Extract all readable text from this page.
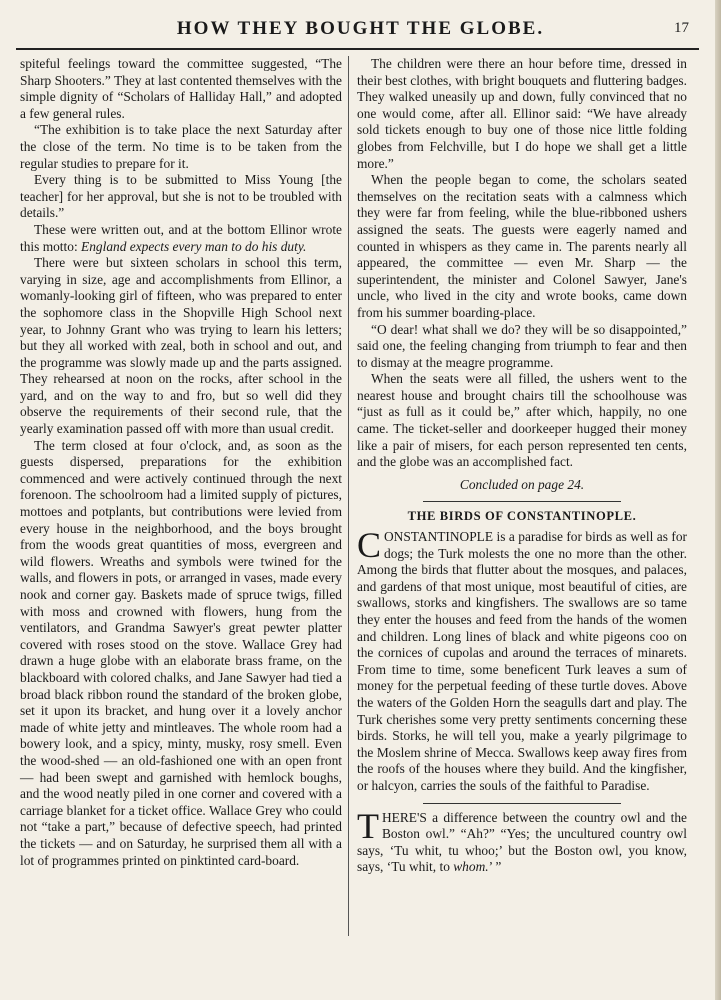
HOW THEY BOUGHT THE GLOBE.	17

spiteful feelings toward the committee suggested, “The Sharp Shooters.” They at last contented themselves with the simple dignity of “Scholars of Halliday Hall,” and adopted a few general rules.

“The exhibition is to take place the next Saturday after the close of the term. No time is to be taken from the regular studies to prepare for it.

Every thing is to be submitted to Miss Young [the teacher] for her approval, but she is not to be troubled with details.”

These were written out, and at the bottom Ellinor wrote this motto: England expects every man to do his duty.

There were but sixteen scholars in school this term, varying in size, age and accomplishments from Ellinor, a womanly-looking girl of fifteen, who was prepared to enter the sophomore class in the Shopville High School next year, to Johnny Grant who was trying to learn his letters; but they all worked with zeal, both in school and out, and the programme was slowly made up and the parts assigned. They rehearsed at noon on the rocks, after school in the yard, and on the way to and fro, but so well did they observe the requirements of their second rule, that the yearly examination passed off with more than usual credit.

The term closed at four o'clock, and, as soon as the guests dispersed, preparations for the exhibition commenced and were actively continued through the next forenoon. The schoolroom had a limited supply of pictures, mottoes and potplants, but contributions were levied from every house in the neighborhood, and the boys brought from the woods great quantities of moss, evergreen and wild flowers. Wreaths and symbols were twined for the walls, and flowers in pots, or arranged in vases, made every nook and corner gay. Baskets made of spruce twigs, filled with moss and crowned with flowers, hung from the ventilators, and Grandma Sawyer's great pewter platter covered with roses stood on the stove. Wallace Grey had drawn a huge globe with an elaborate brass frame, on the blackboard with colored chalks, and Jane Sawyer had tied a broad black ribbon round the standard of the broken globe, set it upon its bracket, and hung over it a lovely anchor made of white jetty and mintleaves. The whole room had a bowery look, and a spicy, minty, musky, rosy smell. Even the wood-shed — an old-fashioned one with an open front — had been swept and garnished with hemlock boughs, and the wood neatly piled in one corner and covered with a carriage blanket for a ticket office. Wallace Grey who could not “take a part,” because of defective speech, had printed the tickets — and on Saturday, he surprised them all with a lot of programmes printed on pinktinted card-board.

The children were there an hour before time, dressed in their best clothes, with bright bouquets and fluttering badges. They walked uneasily up and down, fully convinced that no one would come, after all. Ellinor said: “We have already sold tickets enough to buy one of those nice little folding globes from Felchville, but I do hope we shall get a little more.”

When the people began to come, the scholars seated themselves on the recitation seats with a calmness which they were far from feeling, while the blue-ribboned ushers assigned the seats. The guests were eagerly named and counted in whispers as they came in. The parents nearly all appeared, the committee — even Mr. Sharp — the superintendent, the minister and Colonel Sawyer, Jane's uncle, who lived in the city and wrote books, came down from his summer boarding-place.

“O dear! what shall we do? they will be so disappointed,” said one, the feeling changing from triumph to fear and then to dismay at the meagre programme.

When the seats were all filled, the ushers went to the nearest house and brought chairs till the schoolhouse was “just as full as it could be,” after which, happily, no one came. The ticket-seller and doorkeeper hugged their money like a pair of misers, for each person represented ten cents, and the globe was an accomplished fact.

Concluded on page 24.
THE BIRDS OF CONSTANTINOPLE.

CONSTANTINOPLE is a paradise for birds as well as for dogs; the Turk molests the one no more than the other. Among the birds that flutter about the mosques, and palaces, and gardens of that most unique, most beautiful of cities, are swallows, storks and kingfishers. The swallows are so tame they enter the houses and feed from the hands of the women and children. Long lines of black and white pigeons coo on the cornices of cupolas and around the terraces of minarets. From time to time, some beneficent Turk leaves a sum of money for the perpetual feeding of these turtle doves. Above the waters of the Golden Horn the seagulls dart and play. The Turk cherishes some very pretty sentiments concerning these birds. Storks, he will tell you, make a yearly pilgrimage to the Moslem shrine of Mecca. Swallows keep away fires from the roofs of the houses where they build. And the kingfisher, or halcyon, carries the souls of the faithful to Paradise.

THERE'S a difference between the country owl and the Boston owl.” “Ah?” “Yes; the uncultured country owl says, ‘Tu whit, tu whoo;’ but the Boston owl, you know, says, ‘Tu whit, to whom.’ ”
